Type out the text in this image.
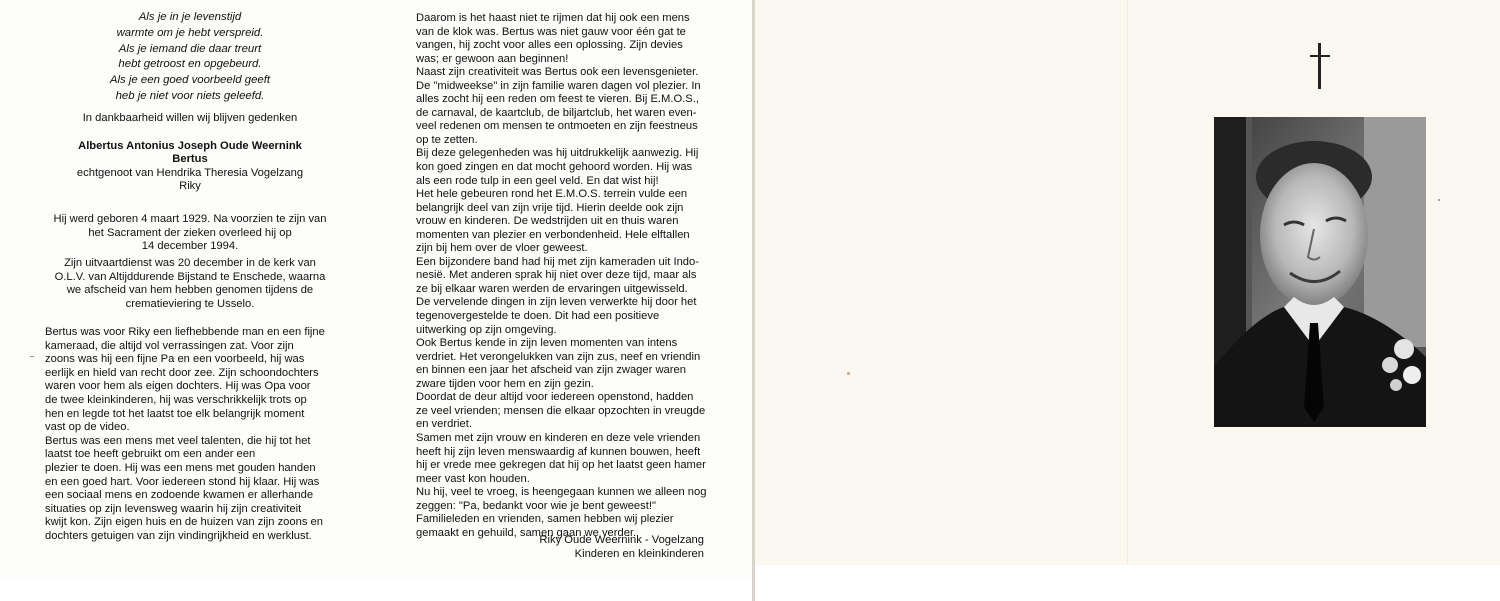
Als je in je levenstijd

warmte om je hebt verspreid.

Als je iemand die daar treurt

hebt getroost en opgebeurd.

Als je een goed voorbeeld geeft

heb je niet voor niets geleefd.

In dankbaarheid willen wij blijven gedenken

Albertus Antonius Joseph Oude Weernink

Bertus

echtgenoot van Hendrika Theresia Vogelzang

Riky

Hij werd geboren 4 maart 1929. Na voorzien te zijn van

het Sacrament der zieken overleed hij op

14 december 1994.

Zijn uitvaartdienst was 20 december in de kerk van

O.L.V. van Altijddurende Bijstand te Enschede, waarna

we afscheid van hem hebben genomen tijdens de

crematieviering te Usselo.

Bertus was voor Riky een liefhebbende man en een fijne

kameraad, die altijd vol verrassingen zat. Voor zijn

zoons was hij een fijne Pa en een voorbeeld, hij was

eerlijk en hield van recht door zee. Zijn schoondochters

waren voor hem als eigen dochters. Hij was Opa voor

de twee kleinkinderen, hij was verschrikkelijk trots op

hen en legde tot het laatst toe elk belangrijk moment

vast op de video.

Bertus was een mens met veel talenten, die hij tot het

laatst toe heeft gebruikt om een ander een

plezier te doen. Hij was een mens met gouden handen

en een goed hart. Voor iedereen stond hij klaar. Hij was

een sociaal mens en zodoende kwamen er allerhande

situaties op zijn levensweg waarin hij zijn creativiteit

kwijt kon. Zijn eigen huis en de huizen van zijn zoons en

dochters getuigen van zijn vindingrijkheid en werklust.

Daarom is het haast niet te rijmen dat hij ook een mens

van de klok was. Bertus was niet gauw voor één gat te

vangen, hij zocht voor alles een oplossing. Zijn devies

was; er gewoon aan beginnen!

Naast zijn creativiteit was Bertus ook een levensgenieter.

De "midweekse" in zijn familie waren dagen vol plezier. In

alles zocht hij een reden om feest te vieren. Bij E.M.O.S.,

de carnaval, de kaartclub, de biljartclub, het waren even-

veel redenen om mensen te ontmoeten en zijn feestneus

op te zetten.

Bij deze gelegenheden was hij uitdrukkelijk aanwezig. Hij

kon goed zingen en dat mocht gehoord worden. Hij was

als een rode tulp in een geel veld. En dat wist hij!

Het hele gebeuren rond het E.M.O.S. terrein vulde een

belangrijk deel van zijn vrije tijd. Hierin deelde ook zijn

vrouw en kinderen. De wedstrijden uit en thuis waren

momenten van plezier en verbondenheid. Hele elftallen

zijn bij hem over de vloer geweest.

Een bijzondere band had hij met zijn kameraden uit Indo-

nesië. Met anderen sprak hij niet over deze tijd, maar als

ze bij elkaar waren werden de ervaringen uitgewisseld.

De vervelende dingen in zijn leven verwerkte hij door het

tegenovergestelde te doen. Dit had een positieve

uitwerking op zijn omgeving.

Ook Bertus kende in zijn leven momenten van intens

verdriet. Het verongelukken van zijn zus, neef en vriendin

en binnen een jaar het afscheid van zijn zwager waren

zware tijden voor hem en zijn gezin.

Doordat de deur altijd voor iedereen openstond, hadden

ze veel vrienden; mensen die elkaar opzochten in vreugde

en verdriet.

Samen met zijn vrouw en kinderen en deze vele vrienden

heeft hij zijn leven menswaardig af kunnen bouwen, heeft

hij er vrede mee gekregen dat hij op het laatst geen hamer

meer vast kon houden.

Nu hij, veel te vroeg, is heengegaan kunnen we alleen nog

zeggen: "Pa, bedankt voor wie je bent geweest!"

Familieleden en vrienden, samen hebben wij plezier

gemaakt en gehuild, samen gaan we verder.

Riky Oude Weernink - Vogelzang

Kinderen en kleinkinderen
